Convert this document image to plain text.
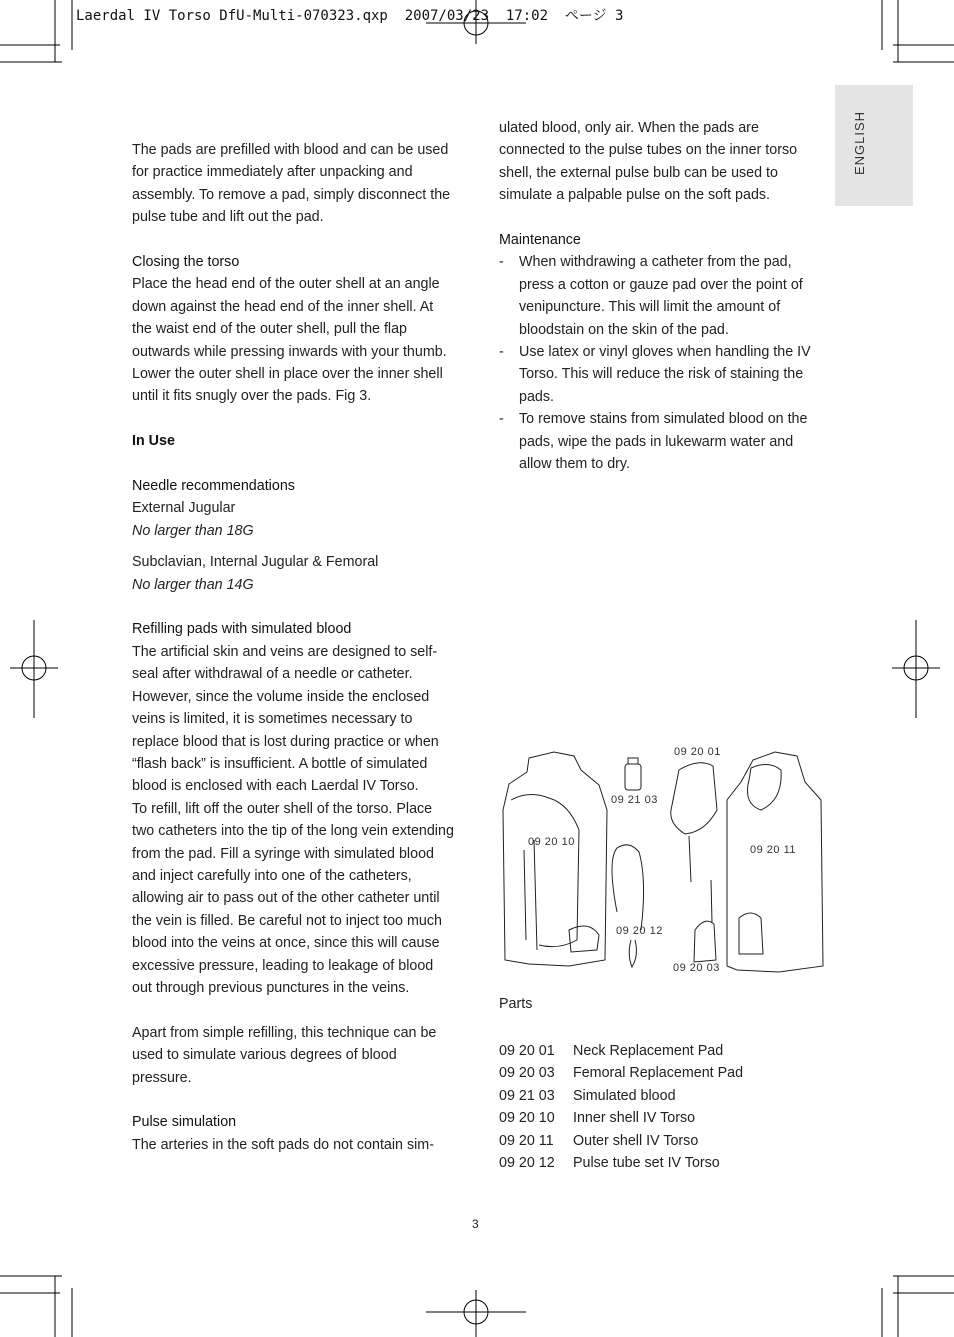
Laerdal IV Torso DfU-Multi-070323.qxp  2007/03/23  17:02  ページ 3
ENGLISH

The pads are prefilled with blood and can be used for practice immediately after unpacking and assembly. To remove a pad, simply disconnect the pulse tube and lift out the pad.

Closing the torso

Place the head end of the outer shell at an angle down against the head end of the inner shell. At the waist end of the outer shell, pull the flap outwards while pressing inwards with your thumb. Lower the outer shell in place over the inner shell until it fits snugly over the pads. Fig 3.

In Use

Needle recommendations

External Jugular

No larger than 18G

Subclavian, Internal Jugular & Femoral

No larger than 14G

Refilling pads with simulated blood

The artificial skin and veins are designed to self-seal after withdrawal of a needle or catheter. However, since the volume inside the enclosed veins is limited, it is sometimes necessary to replace blood that is lost during practice or when “flash back” is insufficient. A bottle of simulated blood is enclosed with each Laerdal IV Torso.

To refill, lift off the outer shell of the torso. Place two catheters into the tip of the long vein extending from the pad. Fill a syringe with simulated blood and inject carefully into one of the catheters, allowing air to pass out of the other catheter until the vein is filled. Be careful not to inject too much blood into the veins at once, since this will cause excessive pressure, leading to leakage of blood out through previous punctures in the veins.

Apart from simple refilling, this technique can be used to simulate various degrees of blood pressure.

Pulse simulation

The arteries in the soft pads do not contain sim-

ulated blood, only air. When the pads are connected to the pulse tubes on the inner torso shell, the external pulse bulb can be used to simulate a palpable pulse on the soft pads.

Maintenance

- When withdrawing a catheter from the pad, press a cotton or gauze pad over the point of venipuncture. This will limit the amount of bloodstain on the skin of the pad.
- Use latex or vinyl gloves when handling the IV Torso. This will reduce the risk of staining the pads.
- To remove stains from simulated blood on the pads, wipe the pads in lukewarm water and allow them to dry.
09 20 10
09 21 03
09 20 01
09 20 11
09 20 12
09 20 03
Parts
09 20 01	Neck Replacement Pad
09 20 03	Femoral Replacement Pad
09 21 03	Simulated blood
09 20 10	Inner shell IV Torso
09 20 11	Outer shell IV Torso
09 20 12	Pulse tube set IV Torso
3
